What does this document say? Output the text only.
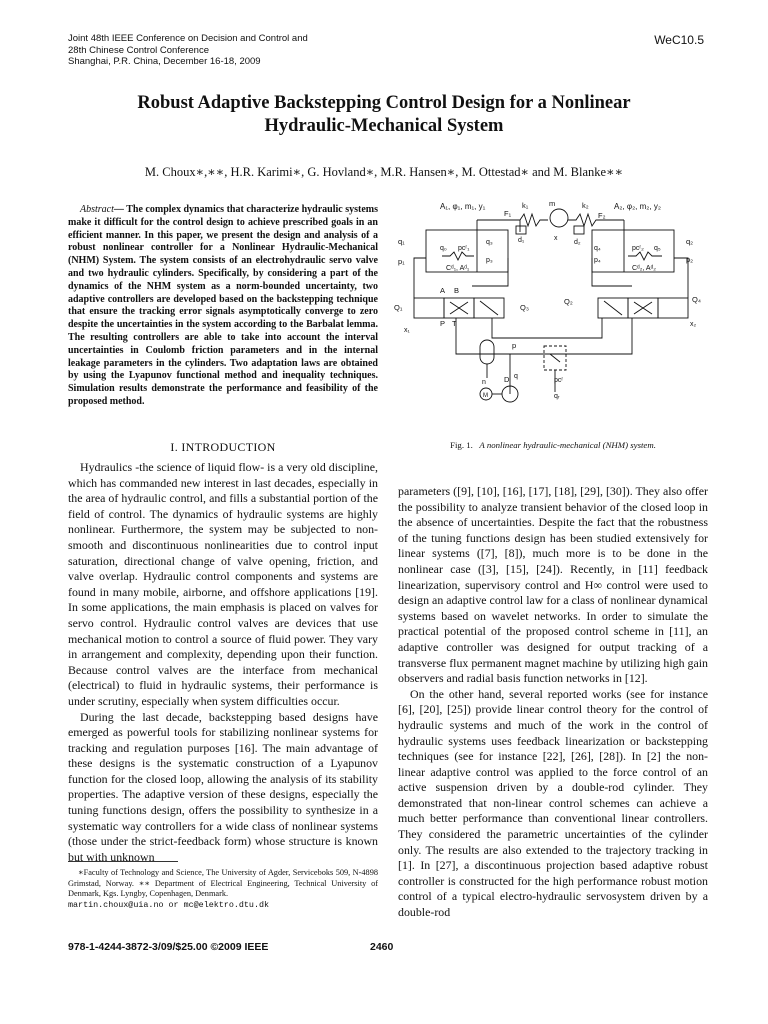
Joint 48th IEEE Conference on Decision and Control and
28th Chinese Control Conference
Shanghai, P.R. China, December 16-18, 2009
WeC10.5
Robust Adaptive Backstepping Control Design for a Nonlinear
Hydraulic-Mechanical System
M. Choux∗,∗∗, H.R. Karimi∗, G. Hovland∗, M.R. Hansen∗, M. Ottestad∗ and M. Blanke∗∗
Abstract— The complex dynamics that characterize hydraulic systems make it difficult for the control design to achieve prescribed goals in an efficient manner. In this paper, we present the design and analysis of a robust nonlinear controller for a Nonlinear Hydraulic-Mechanical (NHM) System. The system consists of an electrohydraulic servo valve and two hydraulic cylinders. Specifically, by considering a part of the dynamics of the NHM system as a norm-bounded uncertainty, two adaptive controllers are developed based on the backstepping technique that ensure the tracking error signals asymptotically converge to zero despite the uncertainties in the system according to the Barbalat lemma. The resulting controllers are able to take into account the interval uncertainties in Coulomb friction parameters and in the internal leakage parameters in the cylinders. Two adaptation laws are obtained by using the Lyapunov functional method and inequality techniques. Simulation results demonstrate the performance and feasibility of the proposed method.
I. INTRODUCTION

Hydraulics -the science of liquid flow- is a very old discipline, which has commanded new interest in last decades, especially in the area of hydraulic control, and fills a substantial portion of the field of control. The dynamics of hydraulic systems are highly nonlinear. Furthermore, the system may be subjected to non-smooth and discontinuous nonlinearities due to control input saturation, directional change of valve opening, friction, and valve overlap. Hydraulic control components and systems are found in many mobile, airborne, and offshore applications [19]. In some applications, the main emphasis is placed on valves for servo control. Hydraulic control valves are devices that use mechanical motion to control a source of fluid power. They vary in arrangement and complexity, depending upon their function. Because control valves are the interface from mechanical (electrical) to fluid in hydraulic systems, their performance is under scrutiny, especially when system difficulties occur.

During the last decade, backstepping based designs have emerged as powerful tools for stabilizing nonlinear systems for tracking and regulation purposes [16]. The main advantage of these designs is the systematic construction of a Lyapunov function for the closed loop, allowing the analysis of its stability properties. The adaptive version of these designs, especially the tuning functions design, offers the possibility to synthesize in a systematic way controllers for a wide class of nonlinear systems (those under the strict-feedback form) whose structure is known but with unknown

∗Faculty of Technology and Science, The University of Agder, Serviceboks 509, N-4898 Grimstad, Norway. ∗∗ Department of Electrical Engineering, Technical University of Denmark, Kgs. Lyngby, Copenhagen, Denmark.
martin.choux@uia.no or mc@elektro.dtu.dk
A₁, φ₁, m₁, y₁	A₂, φ₂, m₂, y₂
k₁	k₂
F₁	F₂
m
d₁	d₂
x
q₁
p₁
q₀ pᴄʳ₁
q₃
p₃
Cᵈ₁, Aᵈ₁
q₄
p₄
pᴄʳ₂ q₅
Cᵈ₂, Aᵈ₂
q₂
p₂
A B
P T
Q₁	Q₃
x₁
Q₂	Q₄
x₂
p
q
D
M
n	pᴄʳ
qᵣ
Fig. 1. A nonlinear hydraulic-mechanical (NHM) system.

parameters ([9], [10], [16], [17], [18], [29], [30]). They also offer the possibility to analyze transient behavior of the closed loop in the absence of uncertainties. Despite the fact that the robustness of the tuning functions design has been studied extensively for linear systems ([7], [8]), much more is to be done in the nonlinear case ([3], [15], [24]). Recently, in [11] feedback linearization, supervisory control and H∞ control were used to design an adaptive control law for a class of nonlinear dynamical systems based on wavelet networks. In order to simulate the practical potential of the proposed control scheme in [11], an adaptive controller was designed for output tracking of a transverse flux permanent magnet machine by utilizing high gain observers and radial basis function networks in [12].

On the other hand, several reported works (see for instance [6], [20], [25]) provide linear control theory for the control of hydraulic systems and much of the work in the control of hydraulic systems uses feedback linearization or backstepping techniques (see for instance [22], [26], [28]). In [2] the non-linear adaptive control was applied to the force control of an active suspension driven by a double-rod cylinder. They demonstrated that non-linear control schemes can achieve a much better performance than conventional linear controllers. They considered the parametric uncertainties of the cylinder only. The results are also extended to the trajectory tracking in [1]. In [27], a discontinuous projection based adaptive robust controller is constructed for the high performance robust motion control of a typical electro-hydraulic servosystem driven by a double-rod

978-1-4244-3872-3/09/$25.00 ©2009 IEEE	2460
